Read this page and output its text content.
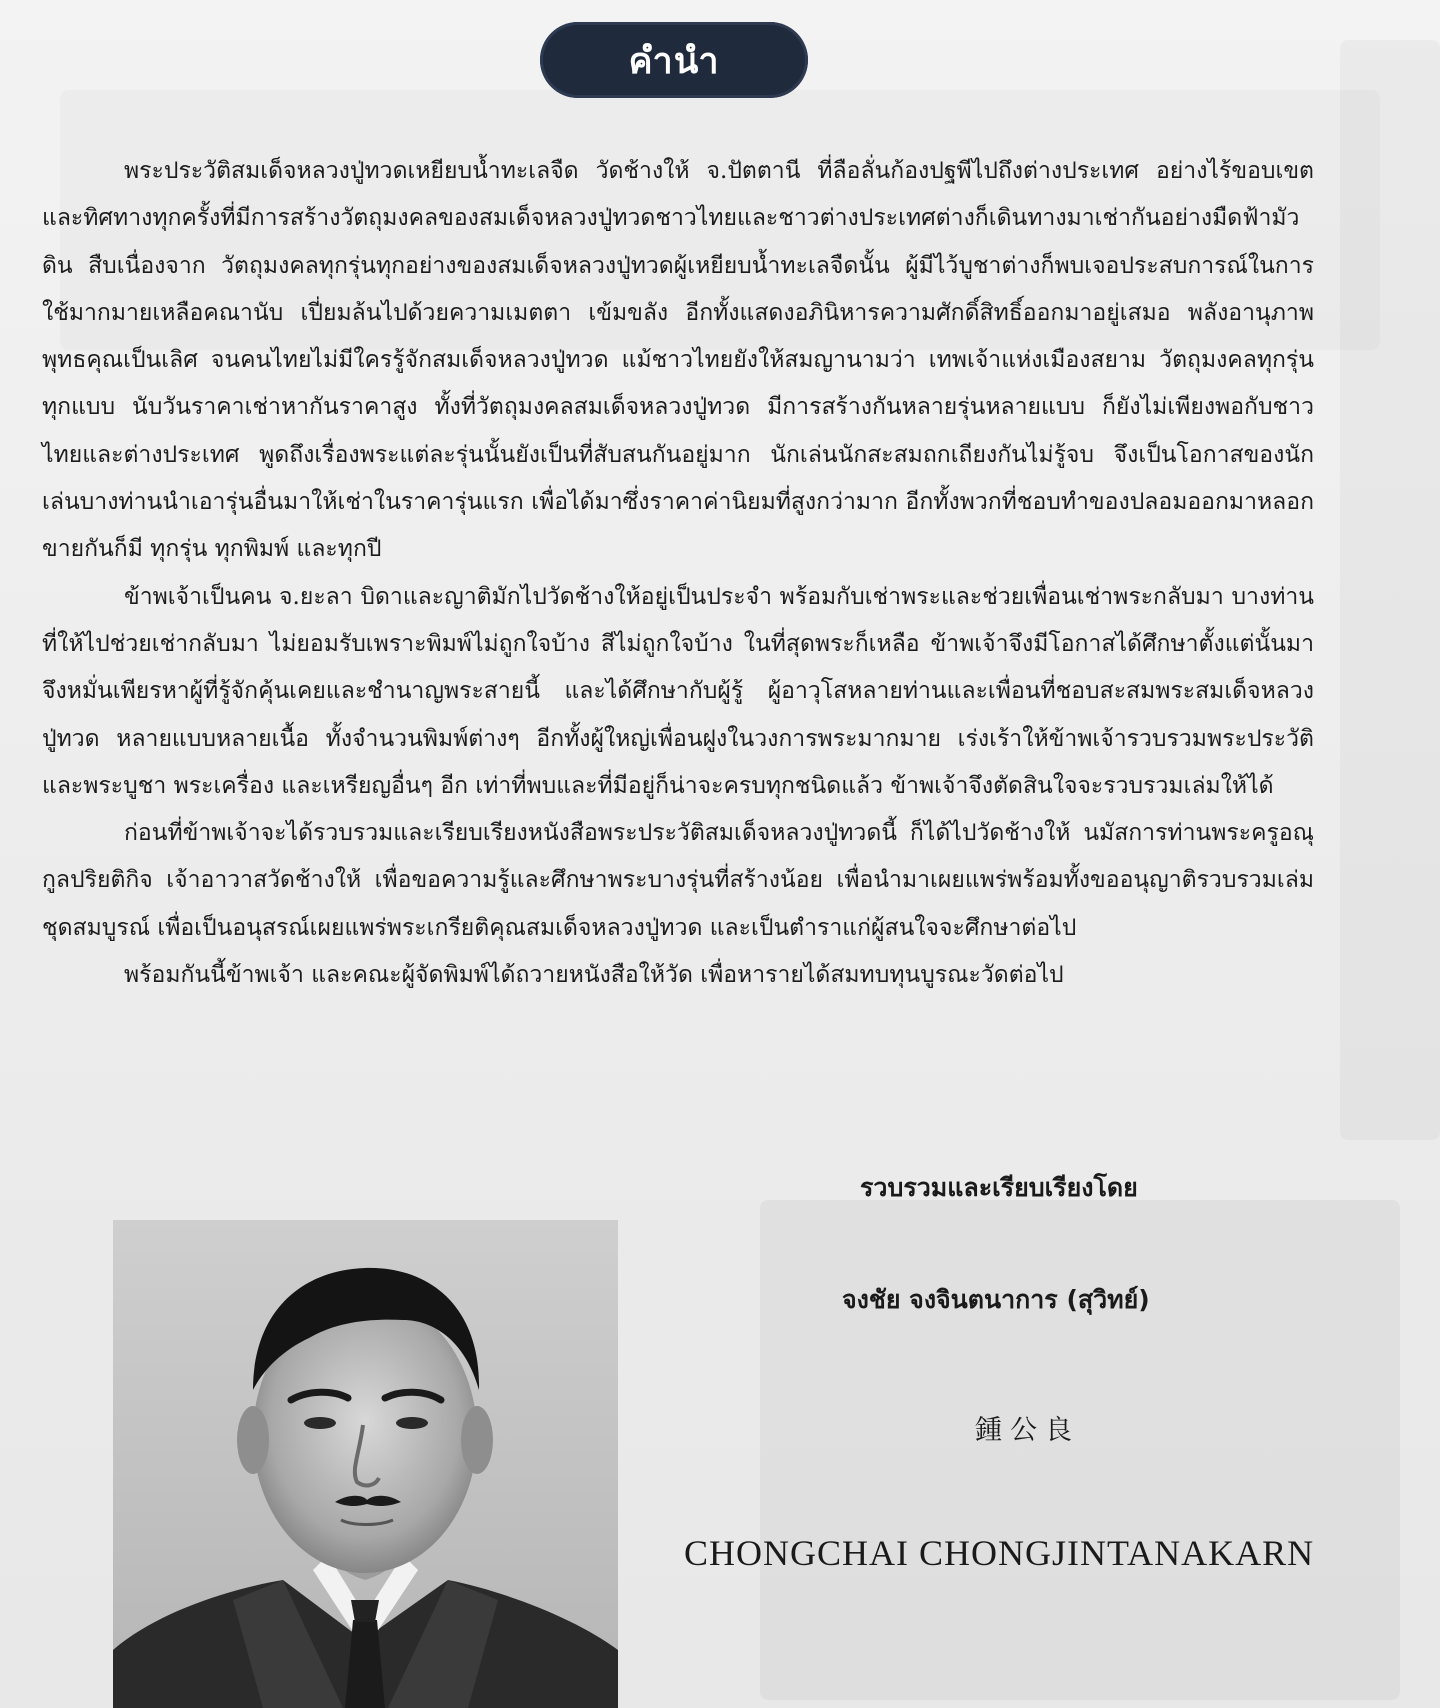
คำนำ

พระประวัติสมเด็จหลวงปู่ทวดเหยียบน้ำทะเลจืด วัดช้างให้ จ.ปัตตานี ที่ลือลั่นก้องปฐพีไปถึงต่างประเทศ อย่างไร้ขอบเขตและทิศทางทุกครั้งที่มีการสร้างวัตถุมงคลของสมเด็จหลวงปู่ทวดชาวไทยและชาวต่างประเทศต่างก็เดินทางมาเช่ากันอย่างมืดฟ้ามัวดิน สืบเนื่องจาก วัตถุมงคลทุกรุ่นทุกอย่างของสมเด็จหลวงปู่ทวดผู้เหยียบน้ำทะเลจืดนั้น ผู้มีไว้บูชาต่างก็พบเจอประสบการณ์ในการใช้มากมายเหลือคณานับ เปี่ยมล้นไปด้วยความเมตตา เข้มขลัง อีกทั้งแสดงอภินิหารความศักดิ์สิทธิ์ออกมาอยู่เสมอ พลังอานุภาพพุทธคุณเป็นเลิศ จนคนไทยไม่มีใครรู้จักสมเด็จหลวงปู่ทวด แม้ชาวไทยยังให้สมญานามว่า เทพเจ้าแห่งเมืองสยาม วัตถุมงคลทุกรุ่นทุกแบบ นับวันราคาเช่าหากันราคาสูง ทั้งที่วัตถุมงคลสมเด็จหลวงปู่ทวด มีการสร้างกันหลายรุ่นหลายแบบ ก็ยังไม่เพียงพอกับชาวไทยและต่างประเทศ พูดถึงเรื่องพระแต่ละรุ่นนั้นยังเป็นที่สับสนกันอยู่มาก นักเล่นนักสะสมถกเถียงกันไม่รู้จบ จึงเป็นโอกาสของนักเล่นบางท่านนำเอารุ่นอื่นมาให้เช่าในราคารุ่นแรก เพื่อได้มาซึ่งราคาค่านิยมที่สูงกว่ามาก อีกทั้งพวกที่ชอบทำของปลอมออกมาหลอกขายกันก็มี ทุกรุ่น ทุกพิมพ์ และทุกปี

ข้าพเจ้าเป็นคน จ.ยะลา บิดาและญาติมักไปวัดช้างให้อยู่เป็นประจำ พร้อมกับเช่าพระและช่วยเพื่อนเช่าพระกลับมา บางท่านที่ให้ไปช่วยเช่ากลับมา ไม่ยอมรับเพราะพิมพ์ไม่ถูกใจบ้าง สีไม่ถูกใจบ้าง ในที่สุดพระก็เหลือ ข้าพเจ้าจึงมีโอกาสได้ศึกษาตั้งแต่นั้นมา จึงหมั่นเพียรหาผู้ที่รู้จักคุ้นเคยและชำนาญพระสายนี้ และได้ศึกษากับผู้รู้ ผู้อาวุโสหลายท่านและเพื่อนที่ชอบสะสมพระสมเด็จหลวงปู่ทวด หลายแบบหลายเนื้อ ทั้งจำนวนพิมพ์ต่างๆ อีกทั้งผู้ใหญ่เพื่อนฝูงในวงการพระมากมาย เร่งเร้าให้ข้าพเจ้ารวบรวมพระประวัติ และพระบูชา พระเครื่อง และเหรียญอื่นๆ อีก เท่าที่พบและที่มีอยู่ก็น่าจะครบทุกชนิดแล้ว ข้าพเจ้าจึงตัดสินใจจะรวบรวมเล่มให้ได้

ก่อนที่ข้าพเจ้าจะได้รวบรวมและเรียบเรียงหนังสือพระประวัติสมเด็จหลวงปู่ทวดนี้ ก็ได้ไปวัดช้างให้ นมัสการท่านพระครูอณุกูลปริยติกิจ เจ้าอาวาสวัดช้างให้ เพื่อขอความรู้และศึกษาพระบางรุ่นที่สร้างน้อย เพื่อนำมาเผยแพร่พร้อมทั้งขออนุญาติรวบรวมเล่ม ชุดสมบูรณ์ เพื่อเป็นอนุสรณ์เผยแพร่พระเกรียติคุณสมเด็จหลวงปู่ทวด และเป็นตำราแก่ผู้สนใจจะศึกษาต่อไป

พร้อมกันนี้ข้าพเจ้า และคณะผู้จัดพิมพ์ได้ถวายหนังสือให้วัด เพื่อหารายได้สมทบทุนบูรณะวัดต่อไป

รวบรวมและเรียบเรียงโดย
จงชัย จงจินตนาการ (สุวิทย์)
鍾公良
CHONGCHAI CHONGJINTANAKARN
